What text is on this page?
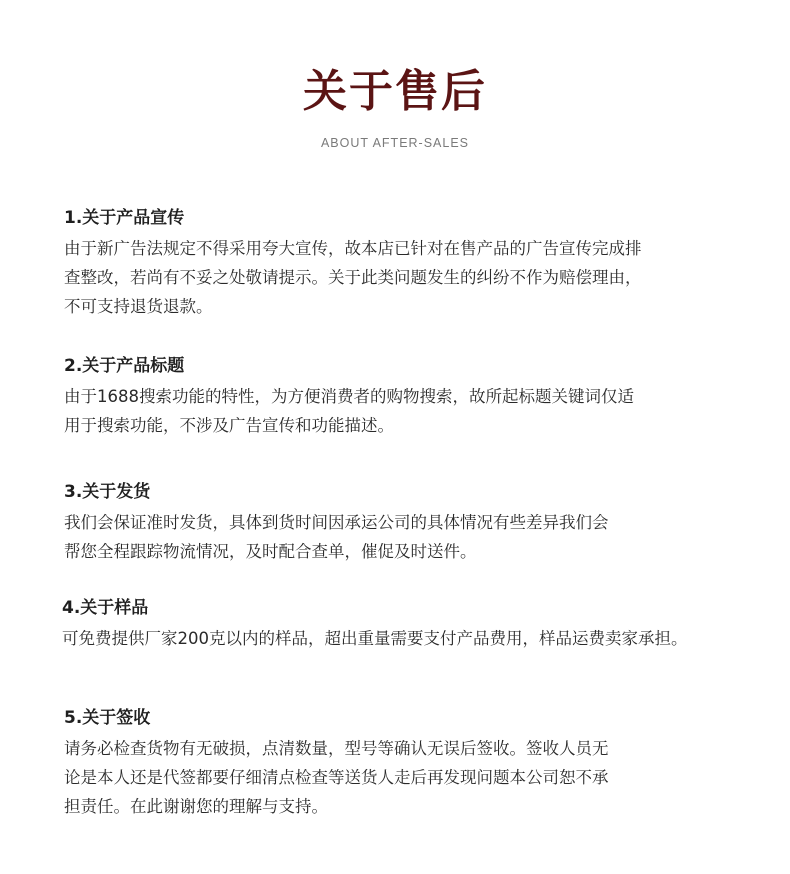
关于售后
ABOUT AFTER-SALES

1.关于产品宣传

由于新广告法规定不得采用夸大宣传，故本店已针对在售产品的广告宣传完成排
查整改，若尚有不妥之处敬请提示。关于此类问题发生的纠纷不作为赔偿理由，
不可支持退货退款。

2.关于产品标题

由于1688搜索功能的特性，为方便消费者的购物搜索，故所起标题关键词仅适
用于搜索功能，不涉及广告宣传和功能描述。

3.关于发货

我们会保证准时发货，具体到货时间因承运公司的具体情况有些差异我们会
帮您全程跟踪物流情况，及时配合查单，催促及时送件。

4.关于样品

可免费提供厂家200克以内的样品，超出重量需要支付产品费用，样品运费卖家承担。

5.关于签收

请务必检查货物有无破损，点清数量，型号等确认无误后签收。签收人员无
论是本人还是代签都要仔细清点检查等送货人走后再发现问题本公司恕不承
担责任。在此谢谢您的理解与支持。
